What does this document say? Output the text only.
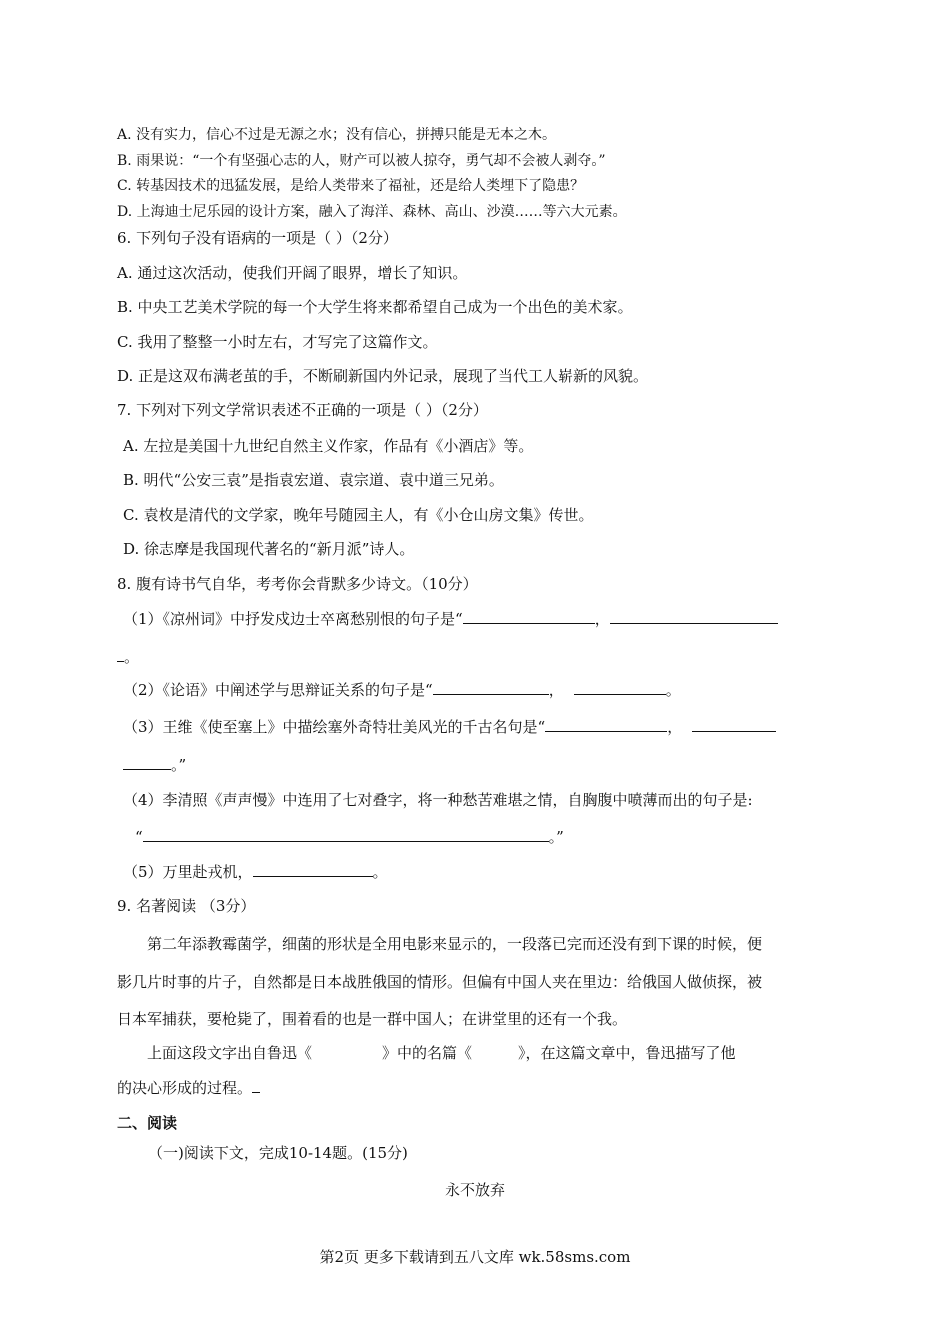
A. 没有实力，信心不过是无源之水；没有信心，拼搏只能是无本之木。
B. 雨果说：“一个有坚强心志的人，财产可以被人掠夺，勇气却不会被人剥夺。”
C. 转基因技术的迅猛发展，是给人类带来了福祉，还是给人类埋下了隐患？
D. 上海迪士尼乐园的设计方案，融入了海洋、森林、高山、沙漠……等六大元素。
6. 下列句子没有语病的一项是（ ）（2分）
A. 通过这次活动，使我们开阔了眼界，增长了知识。
B. 中央工艺美术学院的每一个大学生将来都希望自己成为一个出色的美术家。
C. 我用了整整一小时左右，才写完了这篇作文。
D. 正是这双布满老茧的手，不断刷新国内外记录，展现了当代工人崭新的风貌。
7. 下列对下列文学常识表述不正确的一项是（ ）（2分）
A. 左拉是美国十九世纪自然主义作家，作品有《小酒店》等。
B. 明代“公安三袁”是指袁宏道、袁宗道、袁中道三兄弟。
C. 袁枚是清代的文学家，晚年号随园主人，有《小仓山房文集》传世。
D. 徐志摩是我国现代著名的“新月派”诗人。
8. 腹有诗书气自华，考考你会背默多少诗文。（10分）
（1）《凉州词》中抒发戍边士卒离愁别恨的句子是“	，
。
（2）《论语》中阐述学与思辩证关系的句子是“	，	。
（3）王维《使至塞上》中描绘塞外奇特壮美风光的千古名句是“	，
。”
（4）李清照《声声慢》中连用了七对叠字，将一种愁苦难堪之情，自胸腹中喷薄而出的句子是:
“	。”
（5）万里赴戎机，	。
9. 名著阅读 （3分）
第二年添教霉菌学，细菌的形状是全用电影来显示的，一段落已完而还没有到下课的时候，便
影几片时事的片子，自然都是日本战胜俄国的情形。但偏有中国人夹在里边：给俄国人做侦探，被
日本军捕获，要枪毙了，围着看的也是一群中国人；在讲堂里的还有一个我。
上面这段文字出自鲁迅《	》中的名篇《	》，在这篇文章中，鲁迅描写了他
的决心形成的过程。
二、阅读
（一)阅读下文，完成10-14题。(15分)
永不放弃
第2页 更多下载请到五八文库 wk.58sms.com
